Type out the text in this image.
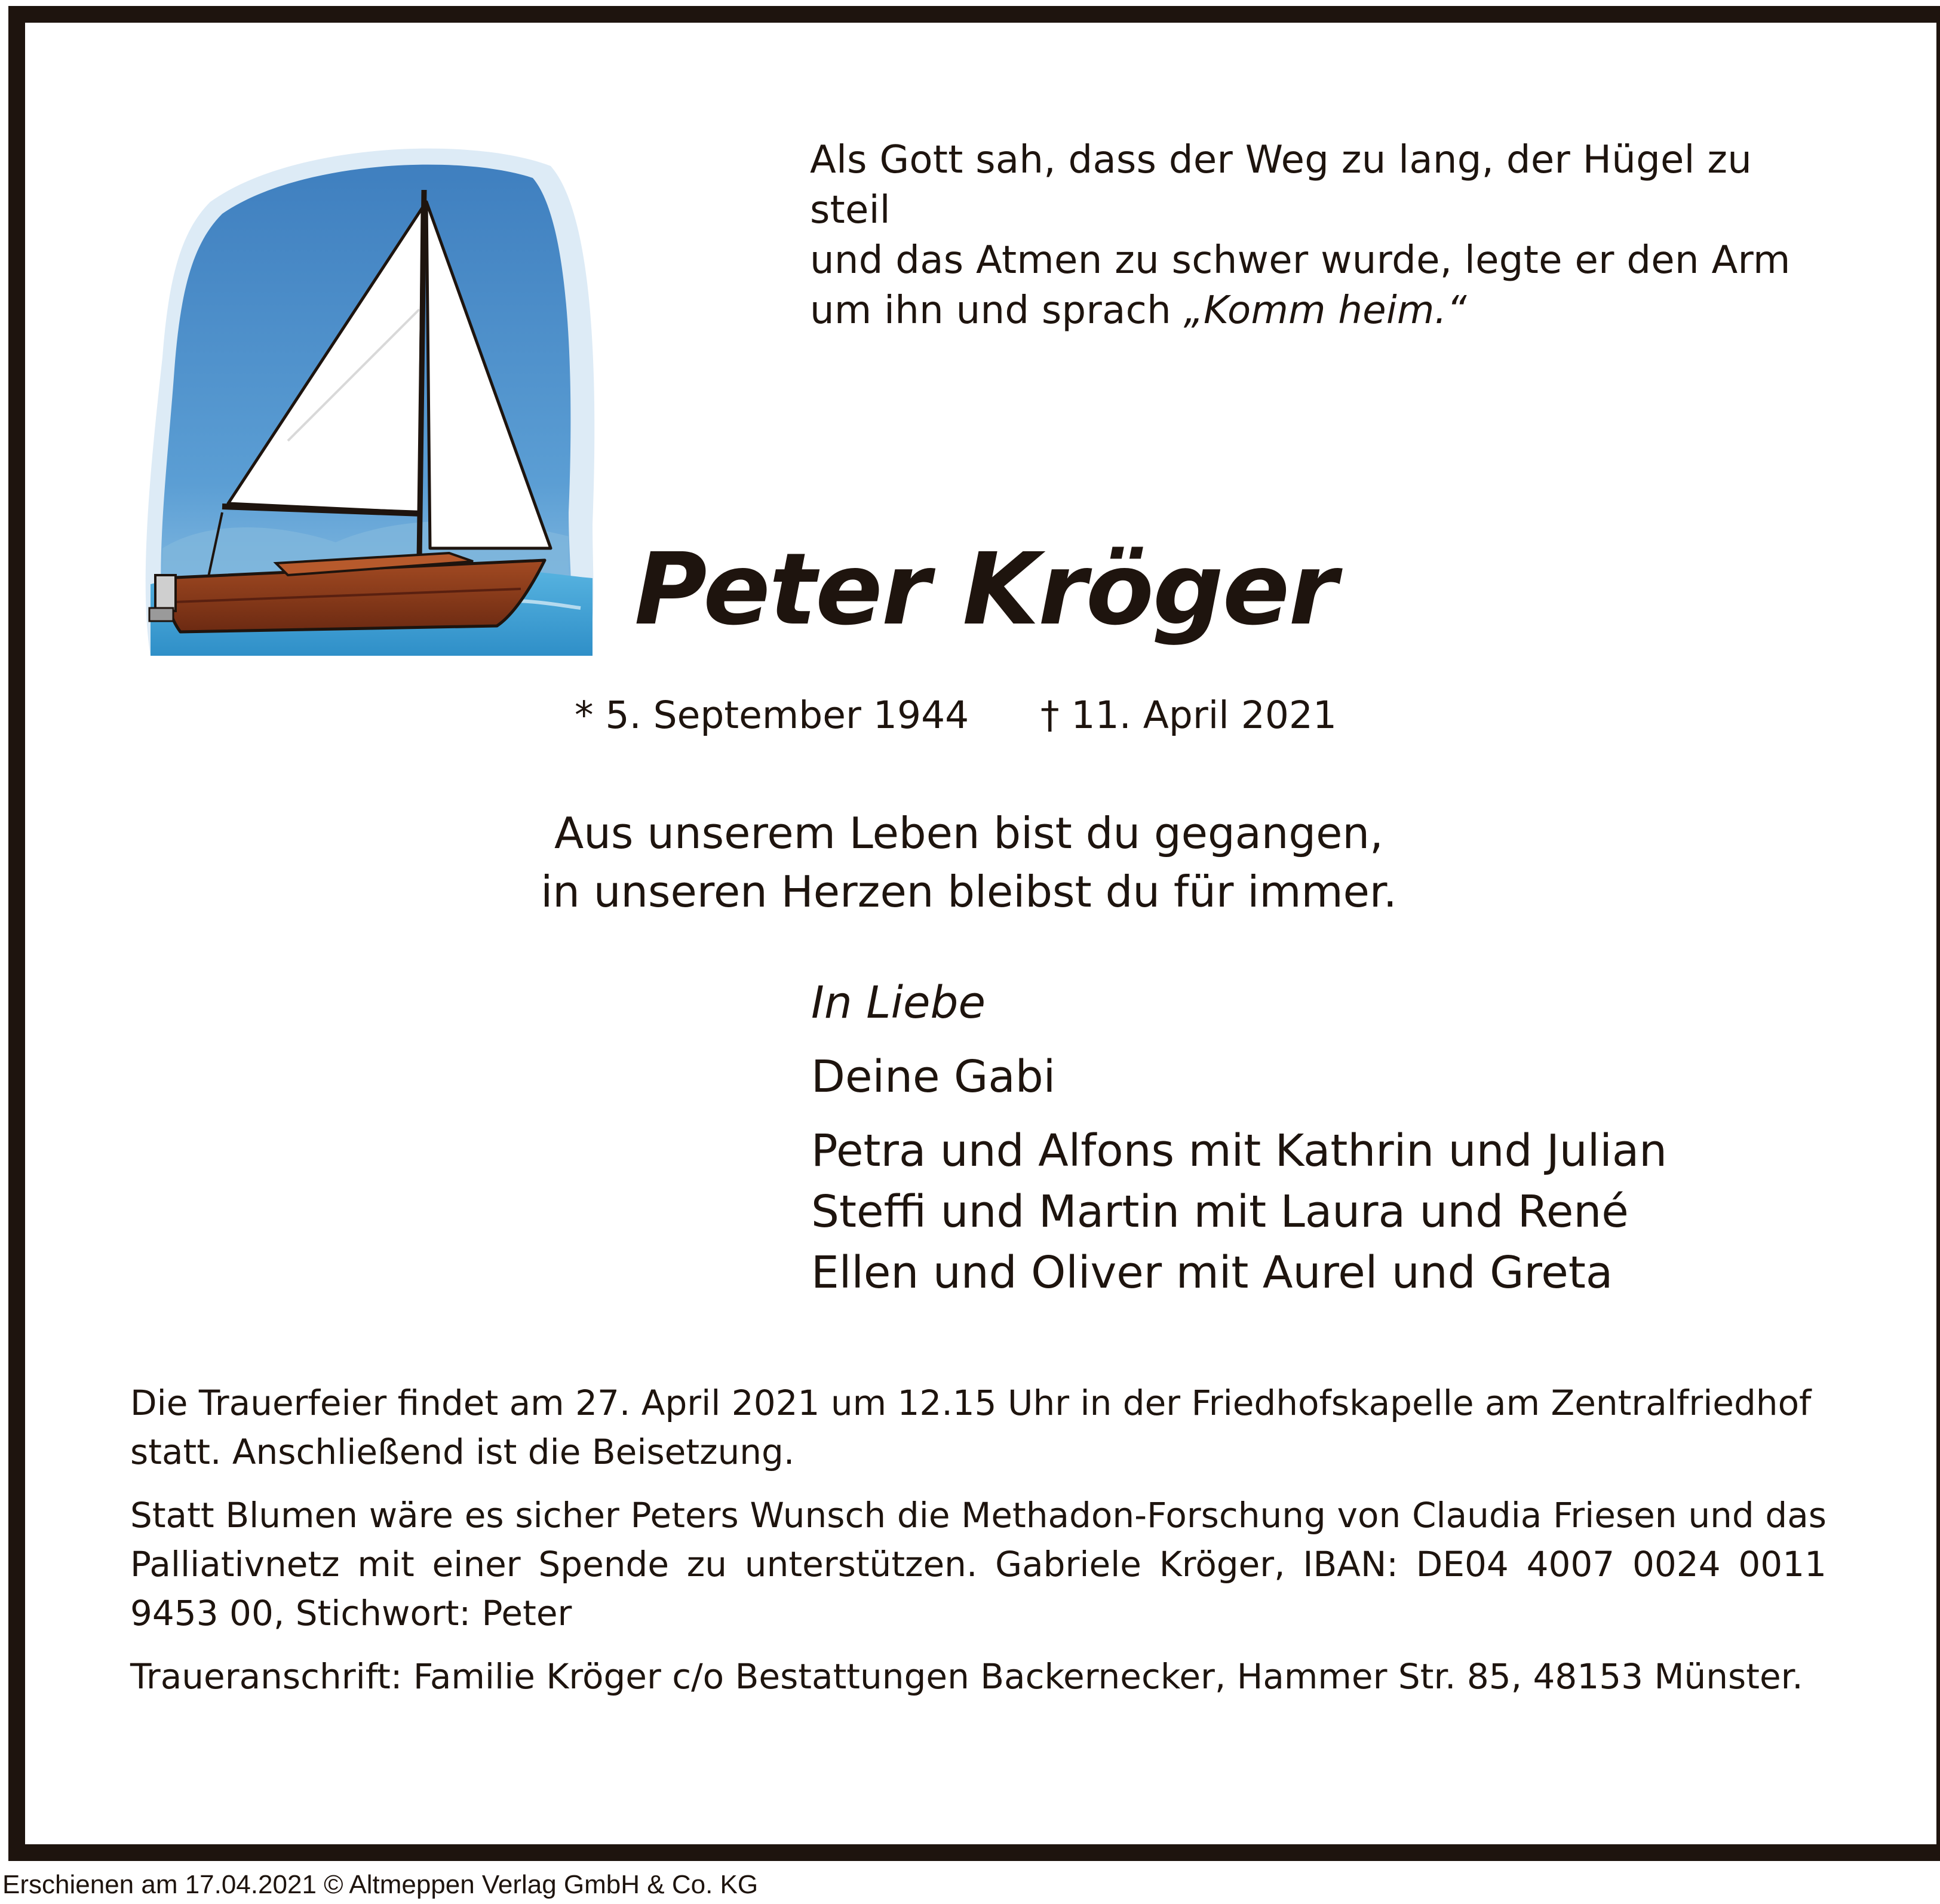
Als Gott sah, dass der Weg zu lang, der Hügel zu steil
und das Atmen zu schwer wurde, legte er den Arm
um ihn und sprach „Komm heim.“
Peter Kröger
* 5. September 1944 † 11. April 2021
Aus unserem Leben bist du gegangen,
in unseren Herzen bleibst du für immer.
In Liebe
Deine Gabi
Petra und Alfons mit Kathrin und Julian
Steffi und Martin mit Laura und René
Ellen und Oliver mit Aurel und Greta

Die Trauerfeier findet am 27. April 2021 um 12.15 Uhr in der Friedhofskapelle am Zentralfriedhof statt. Anschließend ist die Beisetzung.

Statt Blumen wäre es sicher Peters Wunsch die Methadon-Forschung von Claudia Friesen und das Palliativnetz mit einer Spende zu unterstützen. Gabriele Kröger, IBAN: DE04 4007 0024 0011 9453 00, Stichwort: Peter

Traueranschrift: Familie Kröger c/o Bestattungen Backernecker, Hammer Str. 85, 48153 Münster.

Erschienen am 17.04.2021 © Altmeppen Verlag GmbH & Co. KG
